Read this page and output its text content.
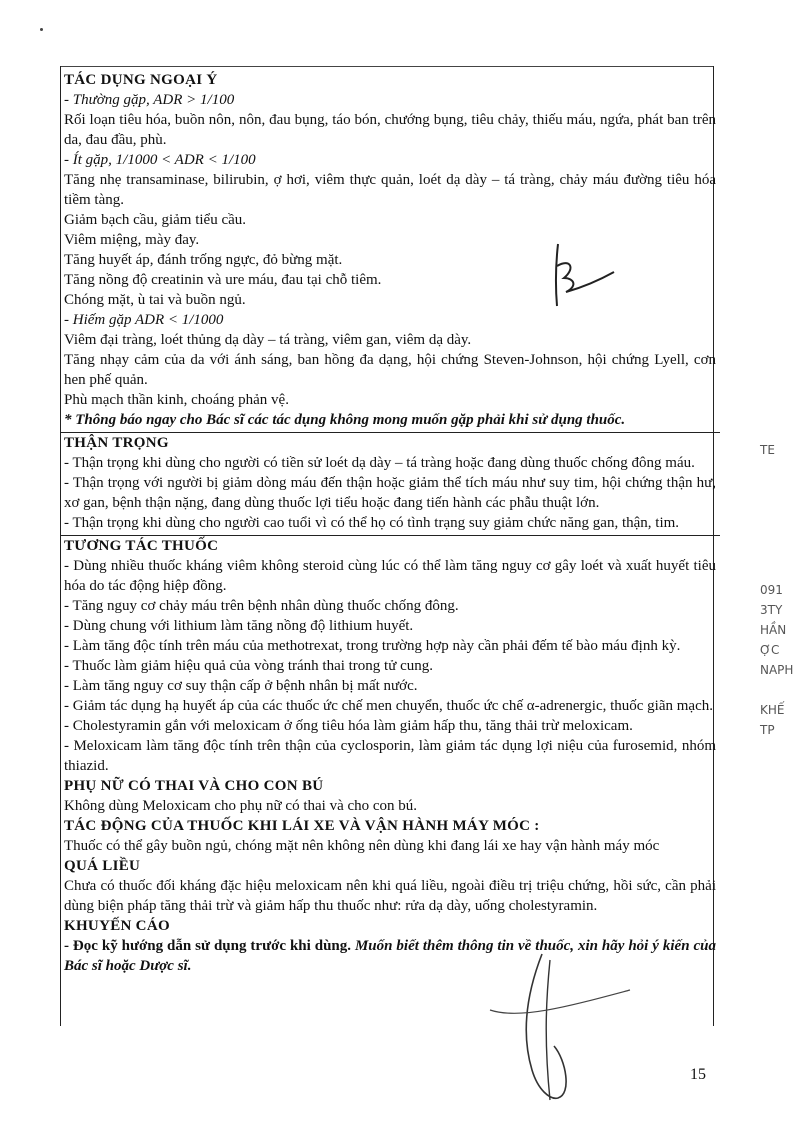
TÁC DỤNG NGOẠI Ý

- Thường gặp, ADR > 1/100

Rối loạn tiêu hóa, buồn nôn, nôn, đau bụng, táo bón, chướng bụng, tiêu chảy, thiếu máu, ngứa, phát ban trên da, đau đầu, phù.

- Ít gặp, 1/1000 < ADR < 1/100

Tăng nhẹ transaminase, bilirubin, ợ hơi, viêm thực quản, loét dạ dày – tá tràng, chảy máu đường tiêu hóa tiềm tàng.

Giảm bạch cầu, giảm tiểu cầu.

Viêm miệng, mày đay.

Tăng huyết áp, đánh trống ngực, đỏ bừng mặt.

Tăng nồng độ creatinin và ure máu, đau tại chỗ tiêm.

Chóng mặt, ù tai và buồn ngủ.

- Hiếm gặp ADR < 1/1000

Viêm đại tràng, loét thủng dạ dày – tá tràng, viêm gan, viêm dạ dày.

Tăng nhạy cảm của da với ánh sáng, ban hồng đa dạng, hội chứng Steven-Johnson, hội chứng Lyell, cơn hen phế quản.

Phù mạch thần kinh, choáng phản vệ.

* Thông báo ngay cho Bác sĩ các tác dụng không mong muốn gặp phải khi sử dụng thuốc.

THẬN TRỌNG

- Thận trọng khi dùng cho người có tiền sử loét dạ dày – tá tràng hoặc đang dùng thuốc chống đông máu.

- Thận trọng với người bị giảm dòng máu đến thận hoặc giảm thể tích máu như suy tim, hội chứng thận hư, xơ gan, bệnh thận nặng, đang dùng thuốc lợi tiểu hoặc đang tiến hành các phẫu thuật lớn.

- Thận trọng khi dùng cho người cao tuổi vì có thể họ có tình trạng suy giảm chức năng gan, thận, tim.

TƯƠNG TÁC THUỐC

- Dùng nhiều thuốc kháng viêm không steroid cùng lúc có thể làm tăng nguy cơ gây loét và xuất huyết tiêu hóa do tác động hiệp đồng.

- Tăng nguy cơ chảy máu trên bệnh nhân dùng thuốc chống đông.

- Dùng chung với lithium làm tăng nồng độ lithium huyết.

- Làm tăng độc tính trên máu của methotrexat, trong trường hợp này cần phải đếm tế bào máu định kỳ.

- Thuốc làm giảm hiệu quả của vòng tránh thai trong tử cung.

- Làm tăng nguy cơ suy thận cấp ở bệnh nhân bị mất nước.

- Giảm tác dụng hạ huyết áp của các thuốc ức chế men chuyển, thuốc ức chế α-adrenergic, thuốc giãn mạch.

- Cholestyramin gắn với meloxicam ở ống tiêu hóa làm giảm hấp thu, tăng thải trừ meloxicam.

- Meloxicam làm tăng độc tính trên thận của cyclosporin, làm giảm tác dụng lợi niệu của furosemid, nhóm thiazid.

PHỤ NỮ CÓ THAI VÀ CHO CON BÚ

Không dùng Meloxicam cho phụ nữ có thai và cho con bú.

TÁC ĐỘNG CỦA THUỐC KHI LÁI XE VÀ VẬN HÀNH MÁY MÓC :

Thuốc có thể gây buồn ngủ, chóng mặt nên không nên dùng khi đang lái xe hay vận hành máy móc

QUÁ LIỀU

Chưa có thuốc đối kháng đặc hiệu meloxicam nên khi quá liều, ngoài điều trị triệu chứng, hồi sức, cần phải dùng biện pháp tăng thải trừ và giảm hấp thu thuốc như: rửa dạ dày, uống cholestyramin.

KHUYẾN CÁO

- Đọc kỹ hướng dẫn sử dụng trước khi dùng. Muốn biết thêm thông tin về thuốc, xin hãy hỏi ý kiến của Bác sĩ hoặc Dược sĩ.

TE
091
3TY
HẦN
ỢC
NAPH
KHẾ TP
15
